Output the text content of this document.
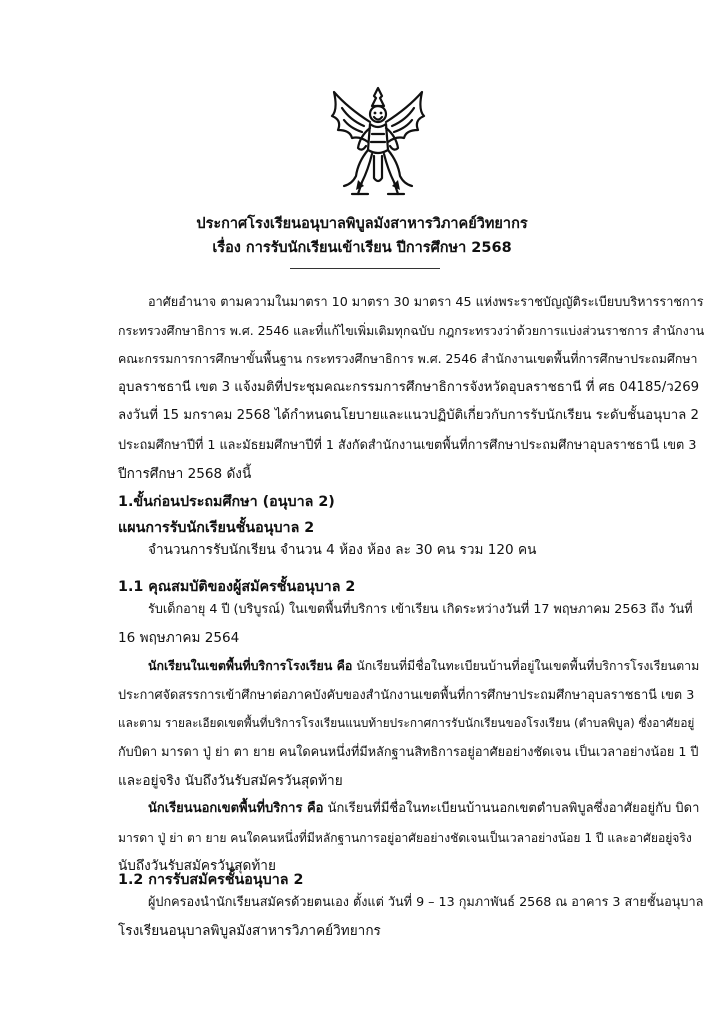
ประกาศโรงเรียนอนุบาลพิบูลมังสาหารวิภาคย์วิทยากร
เรื่อง การรับนักเรียนเข้าเรียน ปีการศึกษา 2568
อาศัยอำนาจ ตามความในมาตรา 10 มาตรา 30 มาตรา 45 แห่งพระราชบัญญัติระเบียบบริหารราชการ
กระทรวงศึกษาธิการ พ.ศ. 2546 และที่แก้ไขเพิ่มเติมทุกฉบับ กฎกระทรวงว่าด้วยการแบ่งส่วนราชการ สำนักงาน
คณะกรรมการการศึกษาขั้นพื้นฐาน กระทรวงศึกษาธิการ พ.ศ. 2546 สำนักงานเขตพื้นที่การศึกษาประถมศึกษา
อุบลราชธานี เขต 3 แจ้งมติที่ประชุมคณะกรรมการศึกษาธิการจังหวัดอุบลราชธานี ที่ ศธ 04185/ว269
ลงวันที่ 15 มกราคม 2568 ได้กำหนดนโยบายและแนวปฏิบัติเกี่ยวกับการรับนักเรียน ระดับชั้นอนุบาล 2
ประถมศึกษาปีที่ 1 และมัธยมศึกษาปีที่ 1 สังกัดสำนักงานเขตพื้นที่การศึกษาประถมศึกษาอุบลราชธานี เขต 3
ปีการศึกษา 2568 ดังนี้
1.ขั้นก่อนประถมศึกษา (อนุบาล 2)
แผนการรับนักเรียนชั้นอนุบาล 2
จำนวนการรับนักเรียน จำนวน 4 ห้อง ห้อง ละ 30 คน รวม 120 คน
1.1 คุณสมบัติของผู้สมัครชั้นอนุบาล 2
รับเด็กอายุ 4 ปี (บริบูรณ์) ในเขตพื้นที่บริการ เข้าเรียน เกิดระหว่างวันที่ 17 พฤษภาคม 2563 ถึง วันที่
16 พฤษภาคม 2564
นักเรียนในเขตพื้นที่บริการโรงเรียน คือ นักเรียนที่มีชื่อในทะเบียนบ้านที่อยู่ในเขตพื้นที่บริการโรงเรียนตาม
ประกาศจัดสรรการเข้าศึกษาต่อภาคบังคับของสำนักงานเขตพื้นที่การศึกษาประถมศึกษาอุบลราชธานี เขต 3
และตาม รายละเอียดเขตพื้นที่บริการโรงเรียนแนบท้ายประกาศการรับนักเรียนของโรงเรียน (ตำบลพิบูล) ซึ่งอาศัยอยู่
กับบิดา มารดา ปู่ ย่า ตา ยาย คนใดคนหนึ่งที่มีหลักฐานสิทธิการอยู่อาศัยอย่างชัดเจน เป็นเวลาอย่างน้อย 1 ปี
และอยู่จริง นับถึงวันรับสมัครวันสุดท้าย
นักเรียนนอกเขตพื้นที่บริการ คือ นักเรียนที่มีชื่อในทะเบียนบ้านนอกเขตตำบลพิบูลซึ่งอาศัยอยู่กับ บิดา
มารดา ปู่ ย่า ตา ยาย คนใดคนหนึ่งที่มีหลักฐานการอยู่อาศัยอย่างชัดเจนเป็นเวลาอย่างน้อย 1 ปี และอาศัยอยู่จริง
นับถึงวันรับสมัครวันสุดท้าย
1.2 การรับสมัครชั้นอนุบาล 2
ผู้ปกครองนำนักเรียนสมัครด้วยตนเอง ตั้งแต่ วันที่ 9 – 13 กุมภาพันธ์ 2568 ณ อาคาร 3 สายชั้นอนุบาล
โรงเรียนอนุบาลพิบูลมังสาหารวิภาคย์วิทยากร
